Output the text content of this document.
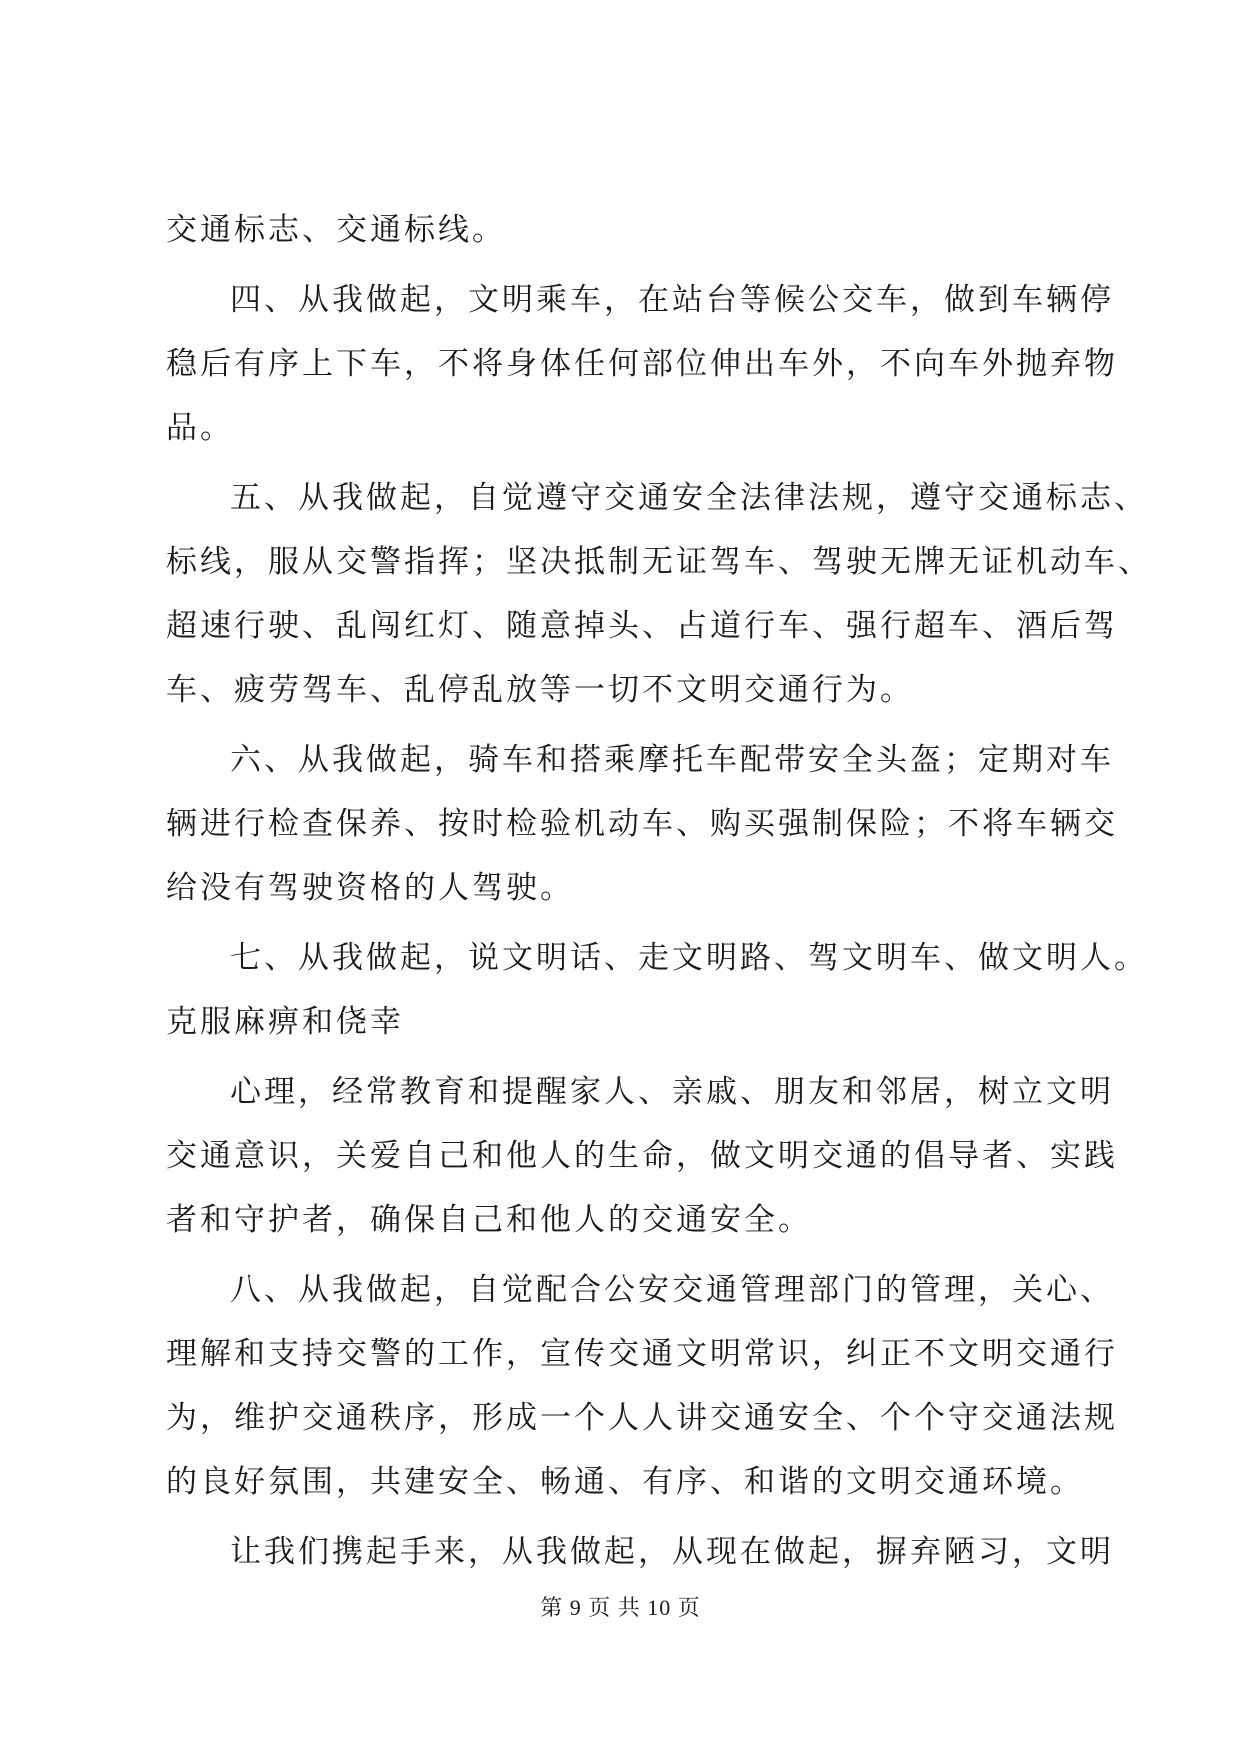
交通标志、交通标线。
四、从我做起，文明乘车，在站台等候公交车，做到车辆停
稳后有序上下车，不将身体任何部位伸出车外，不向车外抛弃物
品。
五、从我做起，自觉遵守交通安全法律法规，遵守交通标志、
标线，服从交警指挥；坚决抵制无证驾车、驾驶无牌无证机动车、
超速行驶、乱闯红灯、随意掉头、占道行车、强行超车、酒后驾
车、疲劳驾车、乱停乱放等一切不文明交通行为。
六、从我做起，骑车和搭乘摩托车配带安全头盔；定期对车
辆进行检查保养、按时检验机动车、购买强制保险；不将车辆交
给没有驾驶资格的人驾驶。
七、从我做起，说文明话、走文明路、驾文明车、做文明人。
克服麻痹和侥幸
心理，经常教育和提醒家人、亲戚、朋友和邻居，树立文明
交通意识，关爱自己和他人的生命，做文明交通的倡导者、实践
者和守护者，确保自己和他人的交通安全。
八、从我做起，自觉配合公安交通管理部门的管理，关心、
理解和支持交警的工作，宣传交通文明常识，纠正不文明交通行
为，维护交通秩序，形成一个人人讲交通安全、个个守交通法规
的良好氛围，共建安全、畅通、有序、和谐的文明交通环境。
让我们携起手来，从我做起，从现在做起，摒弃陋习，文明
第 9 页 共 10 页
